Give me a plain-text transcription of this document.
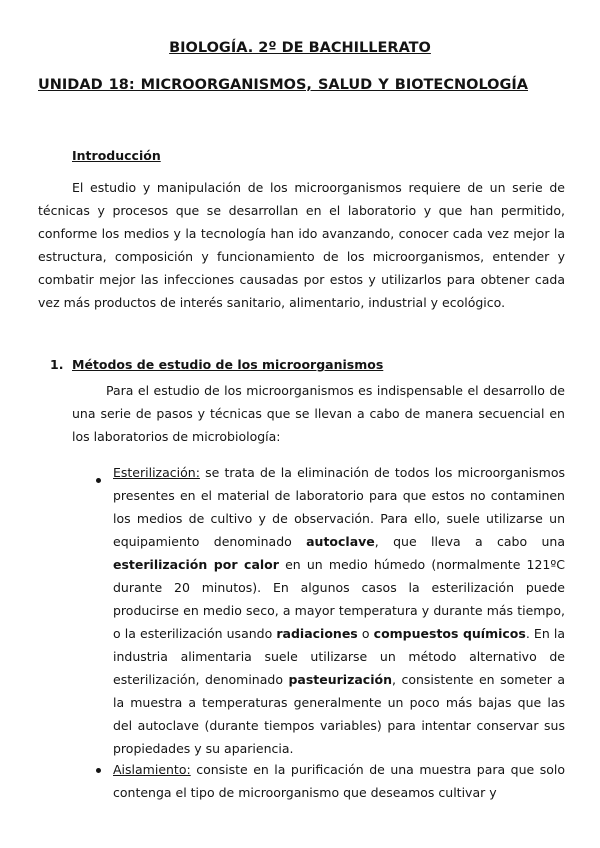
BIOLOGÍA. 2º DE BACHILLERATO
UNIDAD 18: MICROORGANISMOS, SALUD Y BIOTECNOLOGÍA
Introducción

El estudio y manipulación de los microorganismos requiere de un serie de técnicas y procesos que se desarrollan en el laboratorio y que han permitido, conforme los medios y la tecnología han ido avanzando, conocer cada vez mejor la estructura, composición y funcionamiento de los microorganismos, entender y combatir mejor las infecciones causadas por estos y utilizarlos para obtener cada vez más productos de interés sanitario, alimentario, industrial y ecológico.

1. Métodos de estudio de los microorganismos

Para el estudio de los microorganismos es indispensable el desarrollo de una serie de pasos y técnicas que se llevan a cabo de manera secuencial en los laboratorios de microbiología:

Esterilización: se trata de la eliminación de todos los microorganismos presentes en el material de laboratorio para que estos no contaminen los medios de cultivo y de observación. Para ello, suele utilizarse un equipamiento denominado autoclave, que lleva a cabo una esterilización por calor en un medio húmedo (normalmente 121ºC durante 20 minutos). En algunos casos la esterilización puede producirse en medio seco, a mayor temperatura y durante más tiempo, o la esterilización usando radiaciones o compuestos químicos. En la industria alimentaria suele utilizarse un método alternativo de esterilización, denominado pasteurización, consistente en someter a la muestra a temperaturas generalmente un poco más bajas que las del autoclave (durante tiempos variables) para intentar conservar sus propiedades y su apariencia.

Aislamiento: consiste en la purificación de una muestra para que solo contenga el tipo de microorganismo que deseamos cultivar y
